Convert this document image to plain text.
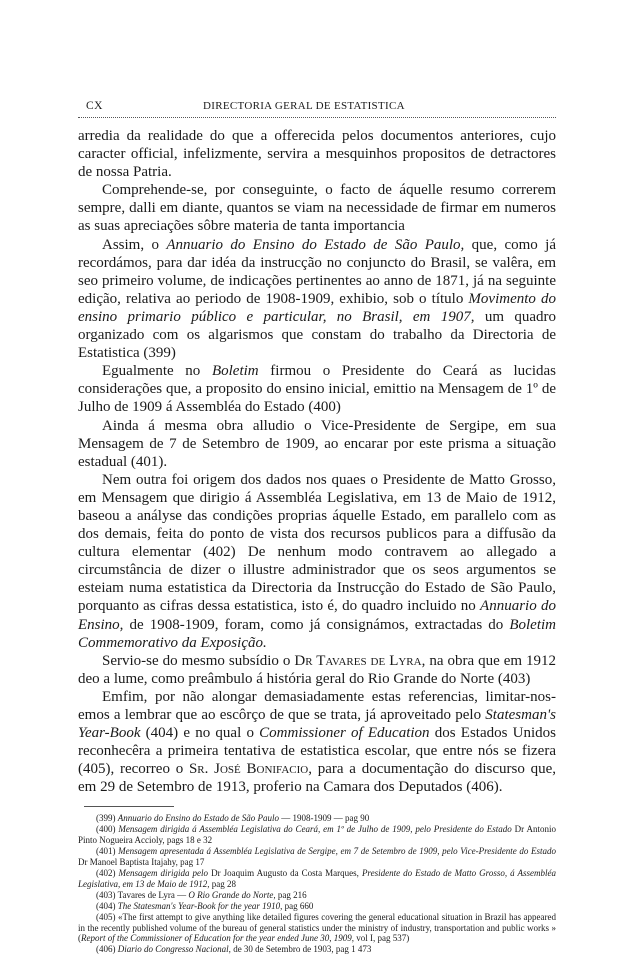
CX	DIRECTORIA GERAL DE ESTATISTICA

arredia da realidade do que a offerecida pelos documentos anteriores, cujo caracter official, infelizmente, servira a mesquinhos propositos de detractores de nossa Patria.

Comprehende-se, por conseguinte, o facto de áquelle resumo correrem sempre, dalli em diante, quantos se viam na necessidade de firmar em numeros as suas apreciações sôbre materia de tanta importancia

Assim, o Annuario do Ensino do Estado de São Paulo, que, como já recordámos, para dar idéa da instrucção no conjuncto do Brasil, se valêra, em seo primeiro volume, de indicações pertinentes ao anno de 1871, já na seguinte edição, relativa ao periodo de 1908-1909, exhibio, sob o título Movimento do ensino primario público e particular, no Brasil, em 1907, um quadro organizado com os algarismos que constam do trabalho da Directoria de Estatistica (399)

Egualmente no Boletim firmou o Presidente do Ceará as lucidas considerações que, a proposito do ensino inicial, emittio na Mensagem de 1º de Julho de 1909 á Assembléa do Estado (400)

Ainda á mesma obra alludio o Vice-Presidente de Sergipe, em sua Mensagem de 7 de Setembro de 1909, ao encarar por este prisma a situação estadual (401).

Nem outra foi origem dos dados nos quaes o Presidente de Matto Grosso, em Mensagem que dirigio á Assembléa Legislativa, em 13 de Maio de 1912, baseou a anályse das condições proprias áquelle Estado, em parallelo com as dos demais, feita do ponto de vista dos recursos publicos para a diffusão da cultura elementar (402) De nenhum modo contravem ao allegado a circumstância de dizer o illustre administrador que os seos argumentos se esteiam numa estatistica da Directoria da Instrucção do Estado de São Paulo, porquanto as cifras dessa estatistica, isto é, do quadro incluido no Annuario do Ensino, de 1908-1909, foram, como já consignámos, extractadas do Boletim Commemorativo da Exposição.

Servio-se do mesmo subsídio o Dr Tavares de Lyra, na obra que em 1912 deo a lume, como preâmbulo á história geral do Rio Grande do Norte (403)

Emfim, por não alongar demasiadamente estas referencias, limitar-nos-emos a lembrar que ao escôrço de que se trata, já aproveitado pelo Statesman's Year-Book (404) e no qual o Commissioner of Education dos Estados Unidos reconhecêra a primeira tentativa de estatistica escolar, que entre nós se fizera (405), recorreo o Sr. José Bonifacio, para a documentação do discurso que, em 29 de Setembro de 1913, proferio na Camara dos Deputados (406).

(399) Annuario do Ensino do Estado de São Paulo — 1908-1909 — pag 90

(400) Mensagem dirigida á Assembléa Legislativa do Ceará, em 1º de Julho de 1909, pelo Presidente do Estado Dr Antonio Pinto Nogueira Accioly, pags 18 e 32

(401) Mensagem apresentada á Assembléa Legislativa de Sergipe, em 7 de Setembro de 1909, pelo Vice-Presidente do Estado Dr Manoel Baptista Itajahy, pag 17

(402) Mensagem dirigida pelo Dr Joaquim Augusto da Costa Marques, Presidente do Estado de Matto Grosso, á Assembléa Legislativa, em 13 de Maio de 1912, pag 28

(403) Tavares de Lyra — O Rio Grande do Norte, pag 216

(404) The Statesman's Year-Book for the year 1910, pag 660

(405) «The first attempt to give anything like detailed figures covering the general educational situation in Brazil has appeared in the recently published volume of the bureau of general statistics under the ministry of industry, transportation and public works » (Report of the Commissioner of Education for the year ended June 30, 1909, vol I, pag 537)

(406) Diario do Congresso Nacional, de 30 de Setembro de 1903, pag 1 473
